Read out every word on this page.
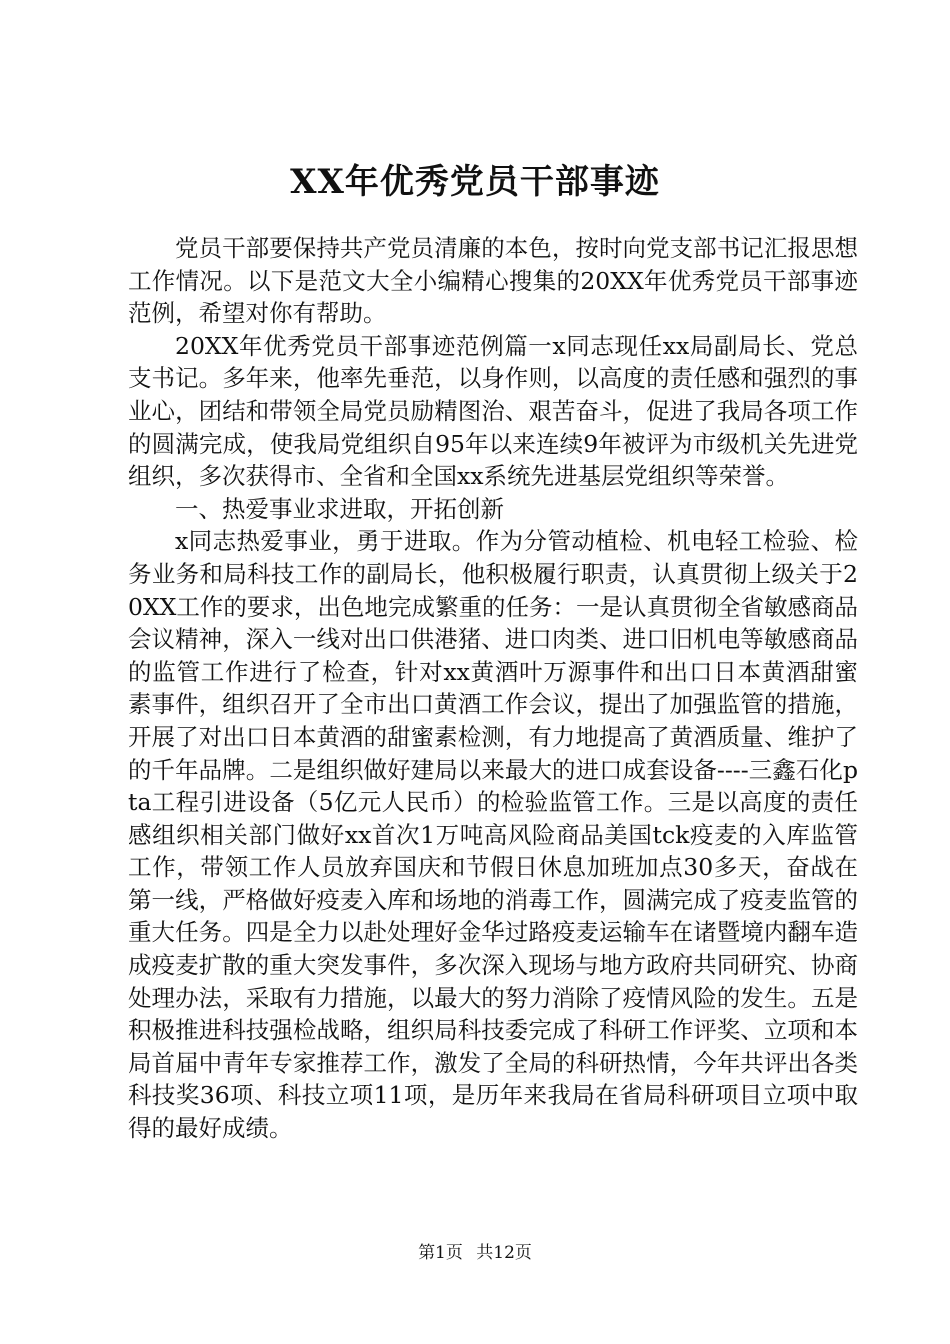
XX年优秀党员干部事迹

党员干部要保持共产党员清廉的本色，按时向党支部书记汇报思想工作情况。以下是范文大全小编精心搜集的20XX年优秀党员干部事迹范例，希望对你有帮助。

20XX年优秀党员干部事迹范例篇一x同志现任xx局副局长、党总支书记。多年来，他率先垂范，以身作则，以高度的责任感和强烈的事业心，团结和带领全局党员励精图治、艰苦奋斗，促进了我局各项工作的圆满完成，使我局党组织自95年以来连续9年被评为市级机关先进党组织，多次获得市、全省和全国xx系统先进基层党组织等荣誉。

一、热爱事业求进取，开拓创新

x同志热爱事业，勇于进取。作为分管动植检、机电轻工检验、检务业务和局科技工作的副局长，他积极履行职责，认真贯彻上级关于20XX工作的要求，出色地完成繁重的任务：一是认真贯彻全省敏感商品会议精神，深入一线对出口供港猪、进口肉类、进口旧机电等敏感商品的监管工作进行了检查，针对xx黄酒叶万源事件和出口日本黄酒甜蜜素事件，组织召开了全市出口黄酒工作会议，提出了加强监管的措施，开展了对出口日本黄酒的甜蜜素检测，有力地提高了黄酒质量、维护了的千年品牌。二是组织做好建局以来最大的进口成套设备----三鑫石化pta工程引进设备（5亿元人民币）的检验监管工作。三是以高度的责任感组织相关部门做好xx首次1万吨高风险商品美国tck疫麦的入库监管工作，带领工作人员放弃国庆和节假日休息加班加点30多天，奋战在第一线，严格做好疫麦入库和场地的消毒工作，圆满完成了疫麦监管的重大任务。四是全力以赴处理好金华过路疫麦运输车在诸暨境内翻车造成疫麦扩散的重大突发事件，多次深入现场与地方政府共同研究、协商处理办法，采取有力措施，以最大的努力消除了疫情风险的发生。五是积极推进科技强检战略，组织局科技委完成了科研工作评奖、立项和本局首届中青年专家推荐工作，激发了全局的科研热情，今年共评出各类科技奖36项、科技立项11项，是历年来我局在省局科研项目立项中取得的最好成绩。

第1页 共12页
